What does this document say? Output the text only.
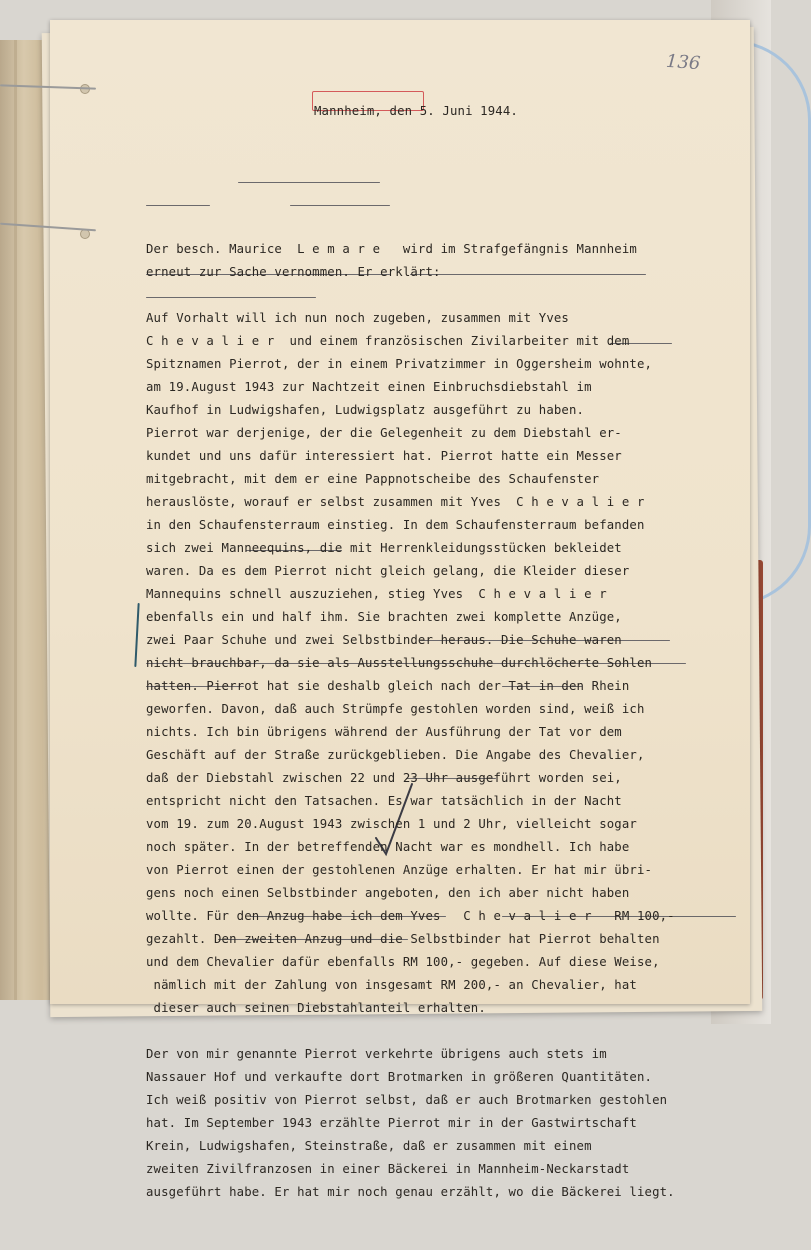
136

Mannheim, den 5. Juni 1944.

Der besch. Maurice  L e m a r e   wird im Strafgefängnis Mannheim
erneut zur Sache vernommen. Er erklärt:
Auf Vorhalt will ich nun noch zugeben, zusammen mit Yves
C h e v a l i e r  und einem französischen Zivilarbeiter mit dem
Spitznamen Pierrot, der in einem Privatzimmer in Oggersheim wohnte,
am 19.August 1943 zur Nachtzeit einen Einbruchsdiebstahl im
Kaufhof in Ludwigshafen, Ludwigsplatz ausgeführt zu haben.
Pierrot war derjenige, der die Gelegenheit zu dem Diebstahl er-
kundet und uns dafür interessiert hat. Pierrot hatte ein Messer
mitgebracht, mit dem er eine Pappnotscheibe des Schaufenster
herauslöste, worauf er selbst zusammen mit Yves  C h e v a l i e r
in den Schaufensterraum einstieg. In dem Schaufensterraum befanden
sich zwei Manneequins, die mit Herrenkleidungsstücken bekleidet
waren. Da es dem Pierrot nicht gleich gelang, die Kleider dieser
Mannequins schnell auszuziehen, stieg Yves  C h e v a l i e r
ebenfalls ein und half ihm. Sie brachten zwei komplette Anzüge,
zwei Paar Schuhe und zwei Selbstbinder heraus. Die Schuhe waren
nicht brauchbar, da sie als Ausstellungsschuhe durchlöcherte Sohlen
hatten. Pierrot hat sie deshalb gleich nach der Tat in den Rhein
geworfen. Davon, daß auch Strümpfe gestohlen worden sind, weiß ich
nichts. Ich bin übrigens während der Ausführung der Tat vor dem
Geschäft auf der Straße zurückgeblieben. Die Angabe des Chevalier,
daß der Diebstahl zwischen 22 und 23 Uhr ausgeführt worden sei,
entspricht nicht den Tatsachen. Es war tatsächlich in der Nacht
vom 19. zum 20.August 1943 zwischen 1 und 2 Uhr, vielleicht sogar
noch später. In der betreffenden Nacht war es mondhell. Ich habe
von Pierrot einen der gestohlenen Anzüge erhalten. Er hat mir übri-
gens noch einen Selbstbinder angeboten, den ich aber nicht haben
wollte. Für den Anzug habe ich dem Yves   C h e v a l i e r   RM 100,-
gezahlt. Den zweiten Anzug und die Selbstbinder hat Pierrot behalten
und dem Chevalier dafür ebenfalls RM 100,- gegeben. Auf diese Weise,
nämlich mit der Zahlung von insgesamt RM 200,- an Chevalier, hat
dieser auch seinen Diebstahlanteil erhalten.
Der von mir genannte Pierrot verkehrte übrigens auch stets im
Nassauer Hof und verkaufte dort Brotmarken in größeren Quantitäten.
Ich weiß positiv von Pierrot selbst, daß er auch Brotmarken gestohlen
hat. Im September 1943 erzählte Pierrot mir in der Gastwirtschaft
Krein, Ludwigshafen, Steinstraße, daß er zusammen mit einem
zweiten Zivilfranzosen in einer Bäckerei in Mannheim-Neckarstadt
ausgeführt habe. Er hat mir noch genau erzählt, wo die Bäckerei liegt.
